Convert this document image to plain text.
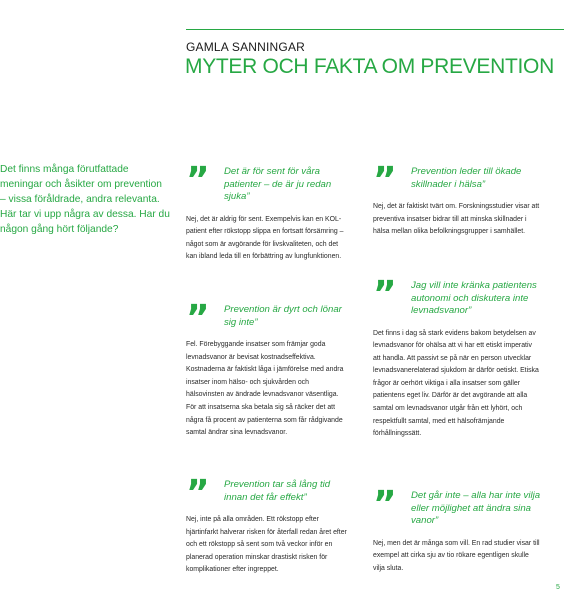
GAMLA SANNINGAR
MYTER OCH FAKTA OM PREVENTION
Det finns många förutfattade meningar och åsikter om prevention – vissa föråldrade, andra relevanta. Här tar vi upp några av dessa. Har du någon gång hört följande?
” Det är för sent för våra patienter – de är ju redan sjuka”
Nej, det är aldrig för sent. Exempelvis kan en KOL-patient efter rökstopp slippa en fortsatt försämring – något som är avgörande för livskvaliteten, och det kan ibland leda till en förbättring av lungfunktionen.
” Prevention är dyrt och lönar sig inte”
Fel. Förebyggande insatser som främjar goda levnadsvanor är bevisat kostnadseffektiva. Kostnaderna är faktiskt låga i jämförelse med andra insatser inom hälso- och sjukvården och hälsovinsten av ändrade levnadsvanor väsentliga. För att insatserna ska betala sig så räcker det att några få procent av patienterna som får rådgivande samtal ändrar sina levnadsvanor.
” Prevention tar så lång tid innan det får effekt”
Nej, inte på alla områden. Ett rökstopp efter hjärtinfarkt halverar risken för återfall redan året efter och ett rökstopp så sent som två veckor inför en planerad operation minskar drastiskt risken för komplikationer efter ingreppet.
” Prevention leder till ökade skillnader i hälsa”
Nej, det är faktiskt tvärt om. Forskningsstudier visar att preventiva insatser bidrar till att minska skillnader i hälsa mellan olika befolkningsgrupper i samhället.
” Jag vill inte kränka patientens autonomi och diskutera inte levnadsvanor”
Det finns i dag så stark evidens bakom betydelsen av levnadsvanor för ohälsa att vi har ett etiskt imperativ att handla. Att passivt se på när en person utvecklar levnadsvanerelaterad sjukdom är därför oetiskt. Etiska frågor är oerhört viktiga i alla insatser som gäller patientens eget liv. Därför är det avgörande att alla samtal om levnadsvanor utgår från ett lyhört, och respektfullt samtal, med ett hälsofrämjande förhållningssätt.
” Det går inte – alla har inte vilja eller möjlighet att ändra sina vanor”
Nej, men det är många som vill. En rad studier visar till exempel att cirka sju av tio rökare egentligen skulle vilja sluta.
5
